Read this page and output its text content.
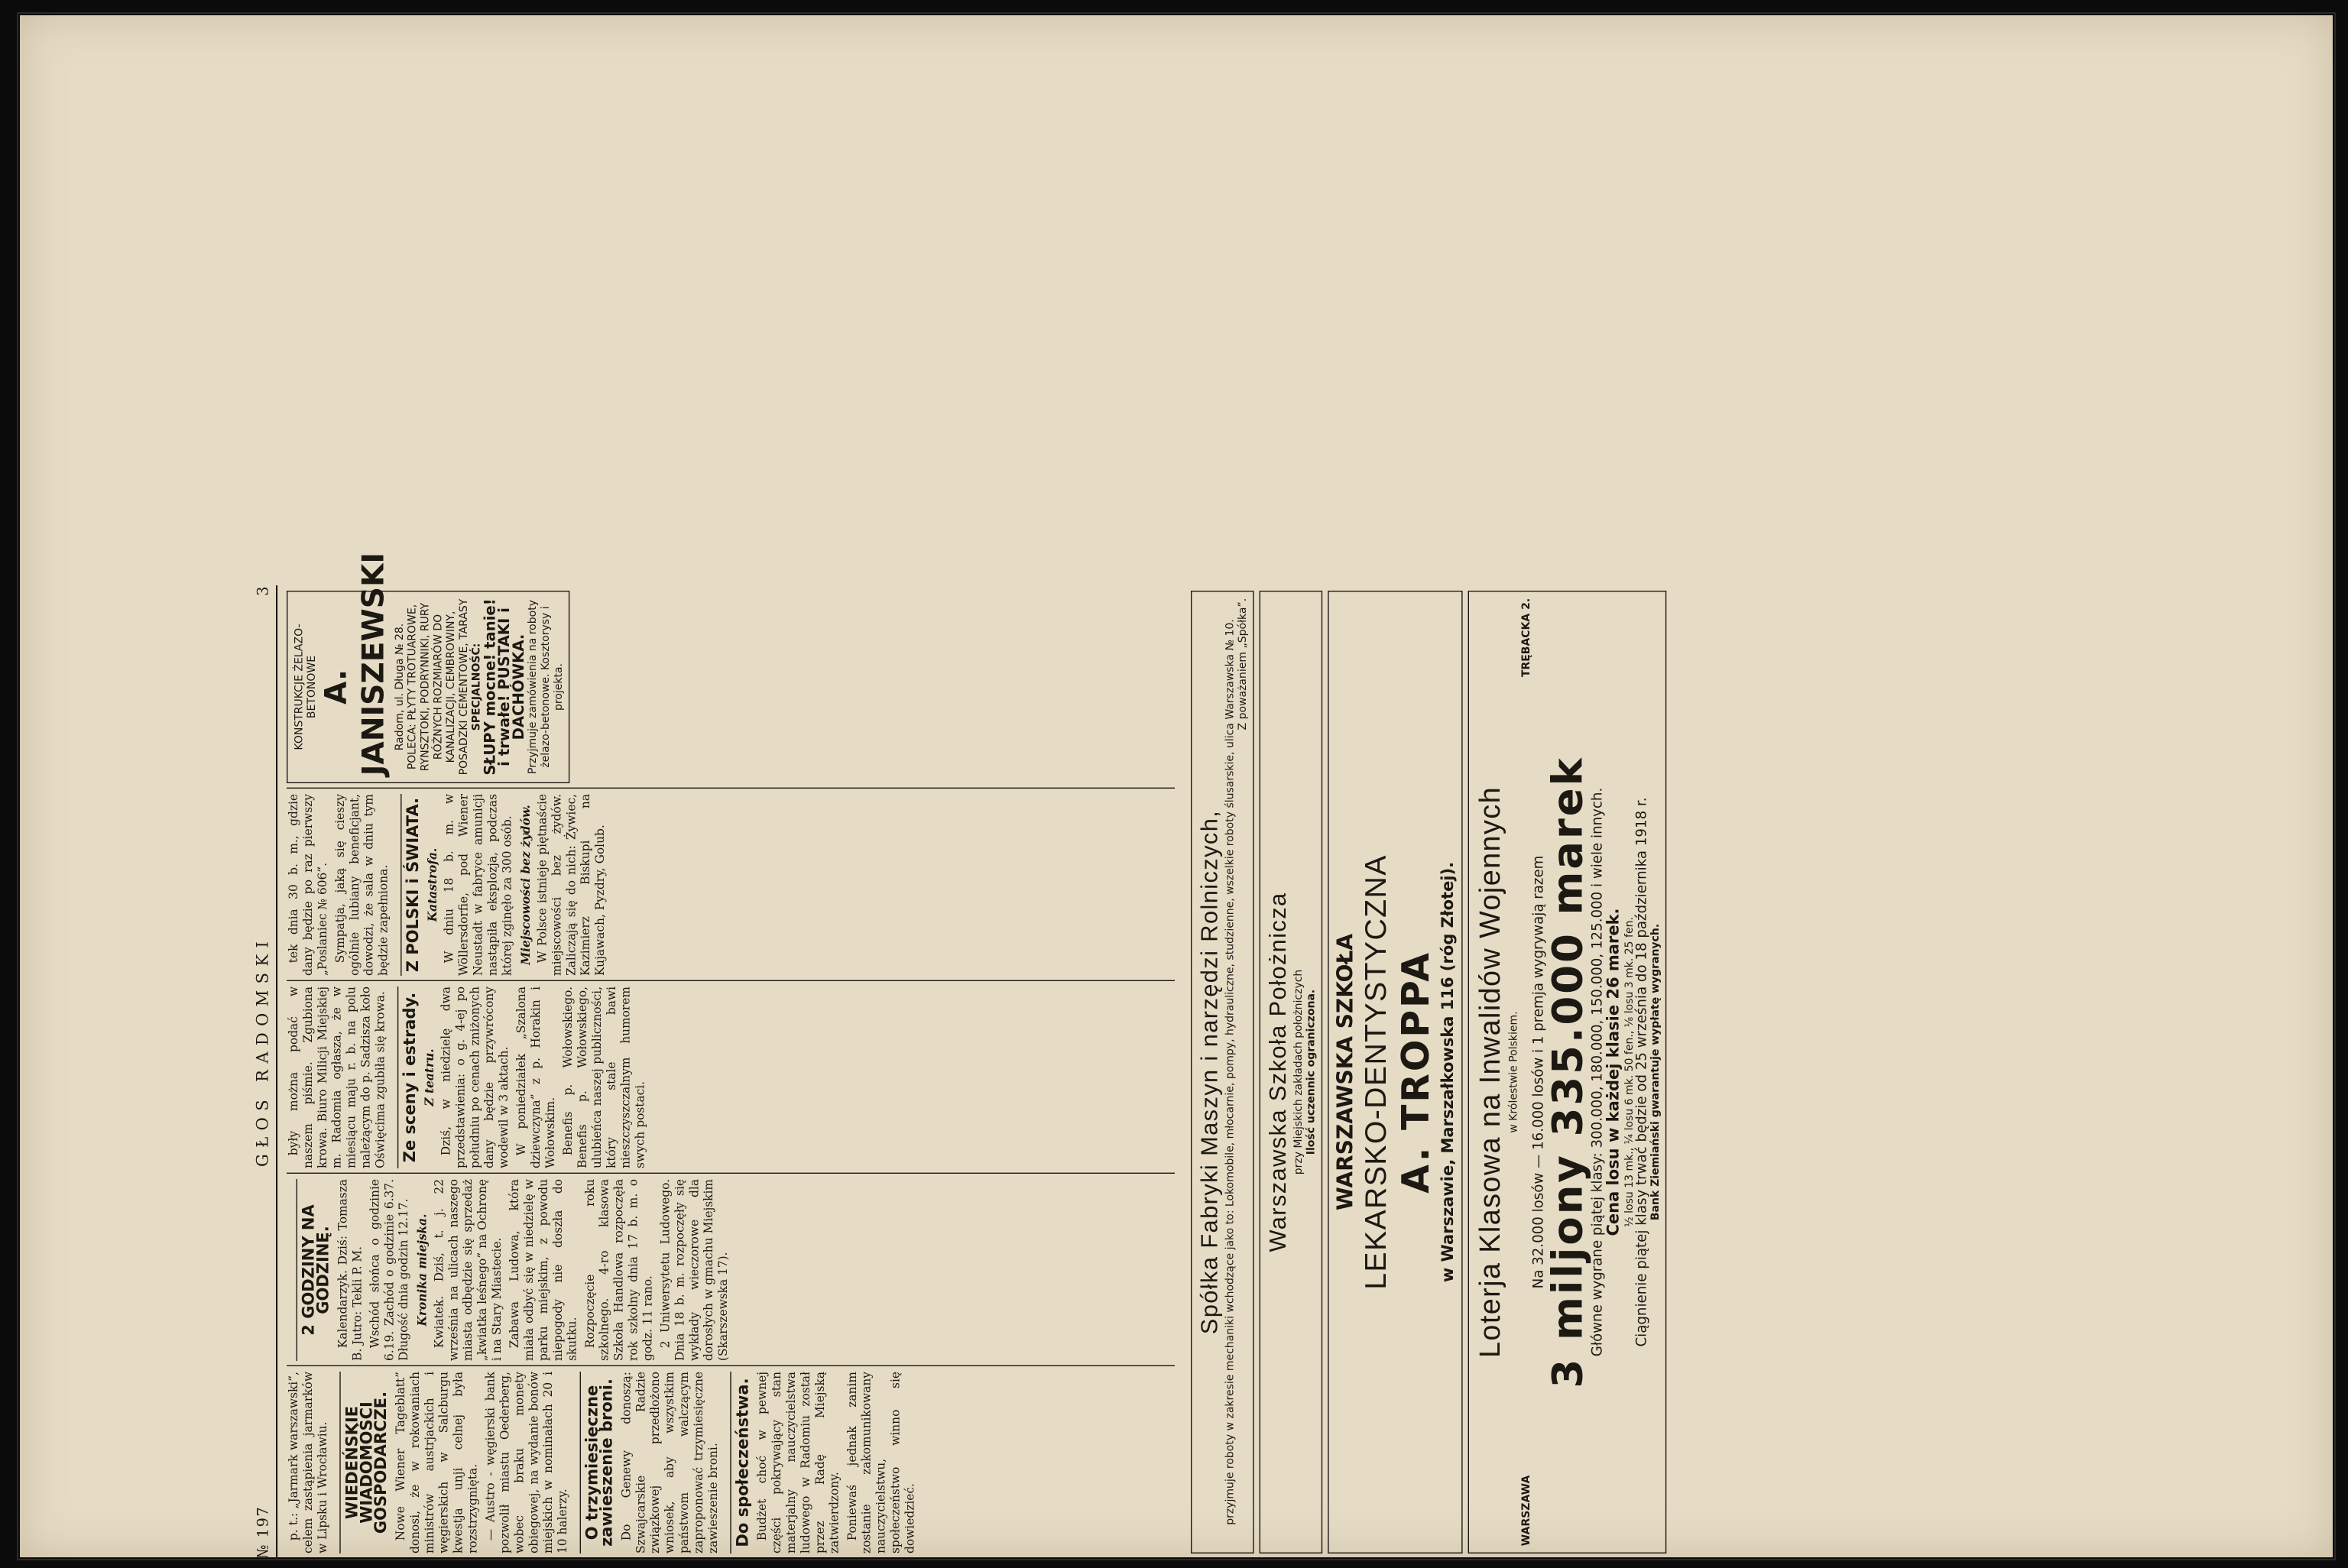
№ 197
GŁOS RADOMSKI
3

p. t.: „Jarmark warszawski”, celem zastąpienia jarmarków w Lipsku i Wrocławiu. WIEDEŃSKIE WIADOMOŚCI GOSPODARCZE. Nowe Wiener Tageblatt” donosi, że w rokowaniach ministrów austrjackich i węgierskich w Salcburgu kwestja unji celnej była rozstrzygnięta. — Austro - węgierski bank pozwolił miastu Oederberg, wobec braku monety obiegowej, na wydanie bonów miejskich w nominałach 20 i 10 halerzy. O trzymiesięczne zawieszenie broni. Do Genewy donoszą: Szwajcarskie Radzie związkowej przedłożono wniosek, aby wszystkim państwom walczącym zaproponować trzymiesięczne zawieszenie broni. Do społeczeństwa. Budżet choć w pewnej części pokrywający stan materjalny nauczycielstwa ludowego w Radomiu został przez Radę Miejską zatwierdzony. Poniewaś jednak zanim zostanie zakomunikowany nauczycielstwu, społeczeństwo winno się dowiedzieć.

2 GODZINY NA GODZINĘ. Kalendarzyk. Dziś: Tomasza B. Jutro: Tekli P. M. Wschód słońca o godzinie 6.19. Zachód o godzinie 6.37. Długość dnia godzin 12.17. Kronika miejska. Kwiatek. Dziś, t. j. 22 września na ulicach naszego miasta odbędzie się sprzedaż „kwiatka leśnego” na Ochronę i na Stary Miastecie. Zabawa Ludowa, która miała odbyć się w niedzielę w parku miejskim, z powodu niepogody nie doszła do skutku. Rozpoczęcie roku szkolnego. 4-ro klasowa Szkoła Handlowa rozpoczęła rok szkolny dnia 17 b. m. o godz. 11 rano. 2 Uniwersytetu Ludowego. Dnia 18 b. m. rozpoczęły się wykłady wieczorowe dla dorosłych w gmachu Miejskim (Skarszewska 17).

były można podać w naszem piśmie. Zgubiona krowa. Biuro Milicji Miejskiej m. Radomia ogłasza, że w miesiącu maju r. b. na polu należącym do p. Sadzisza koło Oświęcima zgubiła się krowa. Ze sceny i estrady. Z teatru. Dziś, w niedzielę dwa przedstawienia: o g. 4-ej po południu po cenach zniżonych dany będzie przywrócony wodewil w 3 aktach. W poniedziałek „Szalona dziewczyna” z p. Horakin i Wołowskim. Benefis p. Wołowskiego. Benefis p. Wołowskiego, ulubieńca naszej publiczności, który stale bawi nieszczyszczalnym humorem swych postaci.

tek dnia 30 b. m., gdzie dany będzie po raz pierwszy „Poslaniec № 606”. Sympatja, jaką się cieszy ogólnie lubiany beneficjant, dowodzi, że sala w dniu tym będzie zapełniona. Z POLSKI i ŚWIATA. Katastrofa. W dniu 18 b. m. w Wöllersdorfie, pod Wiener Neustadt w fabryce amunicji nastąpiła eksplozja, podczas której zginęło za 300 osób. Miejscowości bez żydów. W Polsce istnieje piętnaście miejscowości bez żydów. Zaliczają się do nich: Żywiec, Kazimierz Biskupi na Kujawach, Pyzdry, Golub.

KONSTRUKCJE ŻELAZO-BETONOWE A. JANISZEWSKI Radom, ul. Długa № 28. POLECA: PŁYTY TROTUAROWE, RYNSZTOKI, PODRYNNIKI, RURY RÓŻNYCH ROZMIARÓW DO KANALIZACJI, CEMBROWINY, POSADZKI CEMENTOWE, TARASY SPECJALNOŚĆ:
SŁUPY mocne! tanie! i trwałe! PUSTAKI i DACHÓWKA.
Przyjmuje zamówienia na roboty żelazo-betonowe. Kosztorysy i projekta.
Spółka Fabryki Maszyn i narzędzi Rolniczych, przyjmuje roboty w zakresie mechaniki wchodzące jako to: Lokomobile, młocarnie, pompy, hydrauliczne, studzienne, wszelkie roboty ślusarskie, ulica Warszawska № 10. Z poważaniem „Spółka”.
Warszawska Szkoła Położnicza przy Miejskich zakładach położniczych Ilość uczennic ograniczona. WARSZAWSKA SZKOŁA LEKARSKO-DENTYSTYCZNA A. TROPPA w Warszawie, Marszałkowska 116 (róg Złotej). Loterja Klasowa na Inwalidów Wojennych w Królestwie Polskiem.
WARSZAWA
TRĘBACKA 2.
Na 32.000 losów — 16.000 losów i 1 premja wygrywają razem
3 miljony 335.000 marek
Główne wygrane piątej klasy: 300.000, 180.000, 150.000, 125.000 i wiele innych.
Cena losu w każdej klasie 26 marek. ½ losu 13 mk., ¼ losu 6 mk. 50 fen., ⅛ losu 3 mk. 25 fen.
Ciągnienie piątej klasy trwać będzie od 25 września do 18 października 1918 r.
Bank Ziemiański gwarantuje wypłatę wygranych.
